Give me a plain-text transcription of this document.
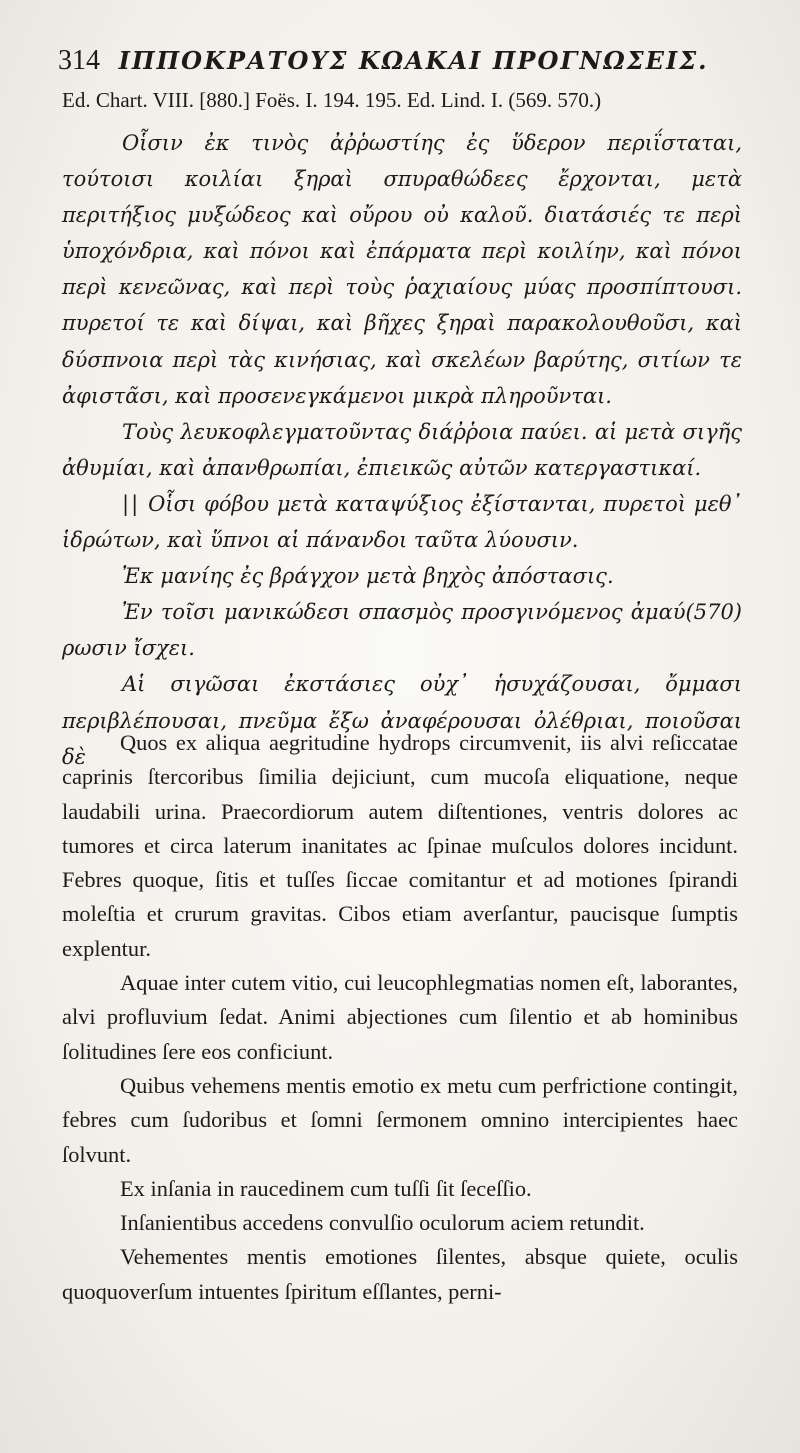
314 ΙΠΠΟΚΡΑΤΟΥΣ ΚΩΑΚΑΙ ΠΡΟΓΝΩΣΕΙΣ.
Ed. Chart. VIII. [880.] Foës. I. 194. 195. Ed. Lind. I. (569. 570.)

Οἷσιν ἐκ τινὸς ἀῤῥωστίης ἐς ὕδερον περιΐσταται, τούτοισι κοιλίαι ξηραὶ σπυραθώδεες ἔρχονται, μετὰ περιτήξιος μυξώδεος καὶ οὔρου οὐ καλοῦ. διατάσιές τε περὶ ὑποχόνδρια, καὶ πόνοι καὶ ἐπάρματα περὶ κοιλίην, καὶ πόνοι περὶ κενεῶνας, καὶ περὶ τοὺς ῥαχιαίους μύας προσπίπτουσι. πυρετοί τε καὶ δίψαι, καὶ βῆχες ξηραὶ παρακολουθοῦσι, καὶ δύσπνοια περὶ τὰς κινήσιας, καὶ σκελέων βαρύτης, σιτίων τε ἀφιστᾶσι, καὶ προσενεγκάμενοι μικρὰ πληροῦνται.

Τοὺς λευκοφλεγματοῦντας διάῤῥοια παύει. αἱ μετὰ σιγῆς ἀθυμίαι, καὶ ἀπανθρωπίαι, ἐπιεικῶς αὐτῶν κατεργαστικαί.

|| Οἷσι φόβου μετὰ καταψύξιος ἐξίστανται, πυρετοὶ μεθ᾽ ἱδρώτων, καὶ ὕπνοι αἱ πάνανδοι ταῦτα λύουσιν.

Ἐκ μανίης ἐς βράγχον μετὰ βηχὸς ἀπόστασις.

Ἐν τοῖσι μανικώδεσι σπασμὸς προσγινόμενος ἀμαύ(570) ρωσιν ἴσχει.

Αἱ σιγῶσαι ἐκστάσιες οὐχ᾽ ἡσυχάζουσαι, ὄμμασι περιβλέπουσαι, πνεῦμα ἔξω ἀναφέρουσαι ὀλέθριαι, ποιοῦσαι δὲ

Quos ex aliqua aegritudine hydrops circumvenit, iis alvi reſiccatae caprinis ſtercoribus ſimilia dejiciunt, cum mucoſa eliquatione, neque laudabili urina. Praecordiorum autem diſtentiones, ventris dolores ac tumores et circa laterum inanitates ac ſpinae muſculos dolores incidunt. Febres quoque, ſitis et tuſſes ſiccae comitantur et ad motiones ſpirandi moleſtia et crurum gravitas. Cibos etiam averſantur, paucisque ſumptis explentur.

Aquae inter cutem vitio, cui leucophlegmatias nomen eſt, laborantes, alvi profluvium ſedat. Animi abjectiones cum ſilentio et ab hominibus ſolitudines ſere eos conficiunt.

Quibus vehemens mentis emotio ex metu cum perfrictione contingit, febres cum ſudoribus et ſomni ſermonem omnino intercipientes haec ſolvunt.

Ex inſania in raucedinem cum tuſſi ſit ſeceſſio.

Inſanientibus accedens convulſio oculorum aciem retundit.

Vehementes mentis emotiones ſilentes, absque quiete, oculis quoquoverſum intuentes ſpiritum eſſlantes, perni-
